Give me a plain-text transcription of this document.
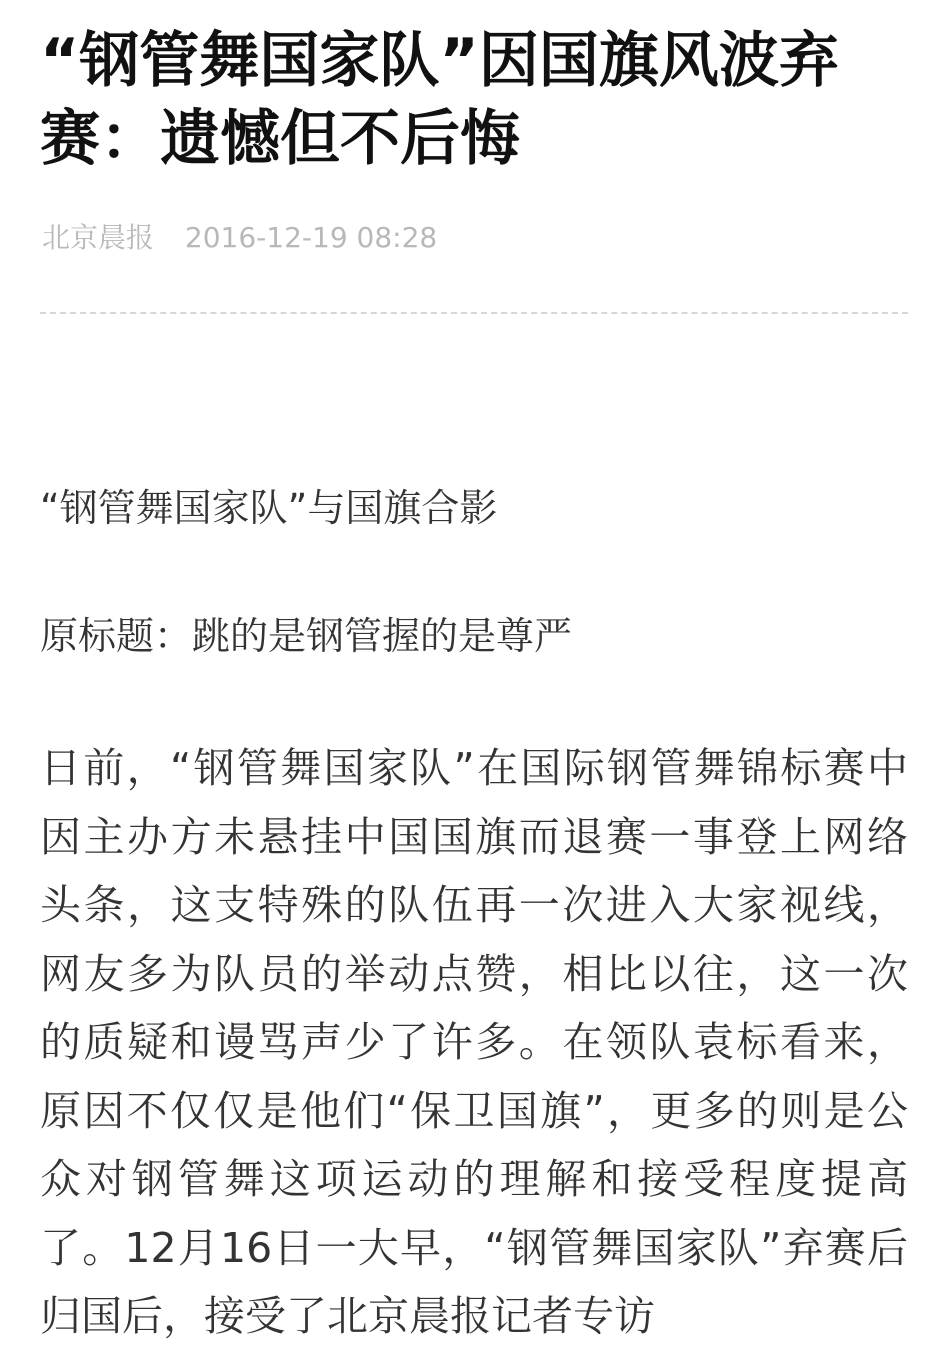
“钢管舞国家队”因国旗风波弃
赛：遗憾但不后悔
北京晨报 2016-12-19 08:28

“钢管舞国家队”与国旗合影

原标题：跳的是钢管握的是尊严

日前，“钢管舞国家队”在国际钢管舞锦标赛中
因主办方未悬挂中国国旗而退赛一事登上网络
头条，这支特殊的队伍再一次进入大家视线，
网友多为队员的举动点赞，相比以往，这一次
的质疑和谩骂声少了许多。在领队袁标看来，
原因不仅仅是他们“保卫国旗”，更多的则是公
众对钢管舞这项运动的理解和接受程度提高
了。12月16日一大早，“钢管舞国家队”弃赛后
归国后，接受了北京晨报记者专访
